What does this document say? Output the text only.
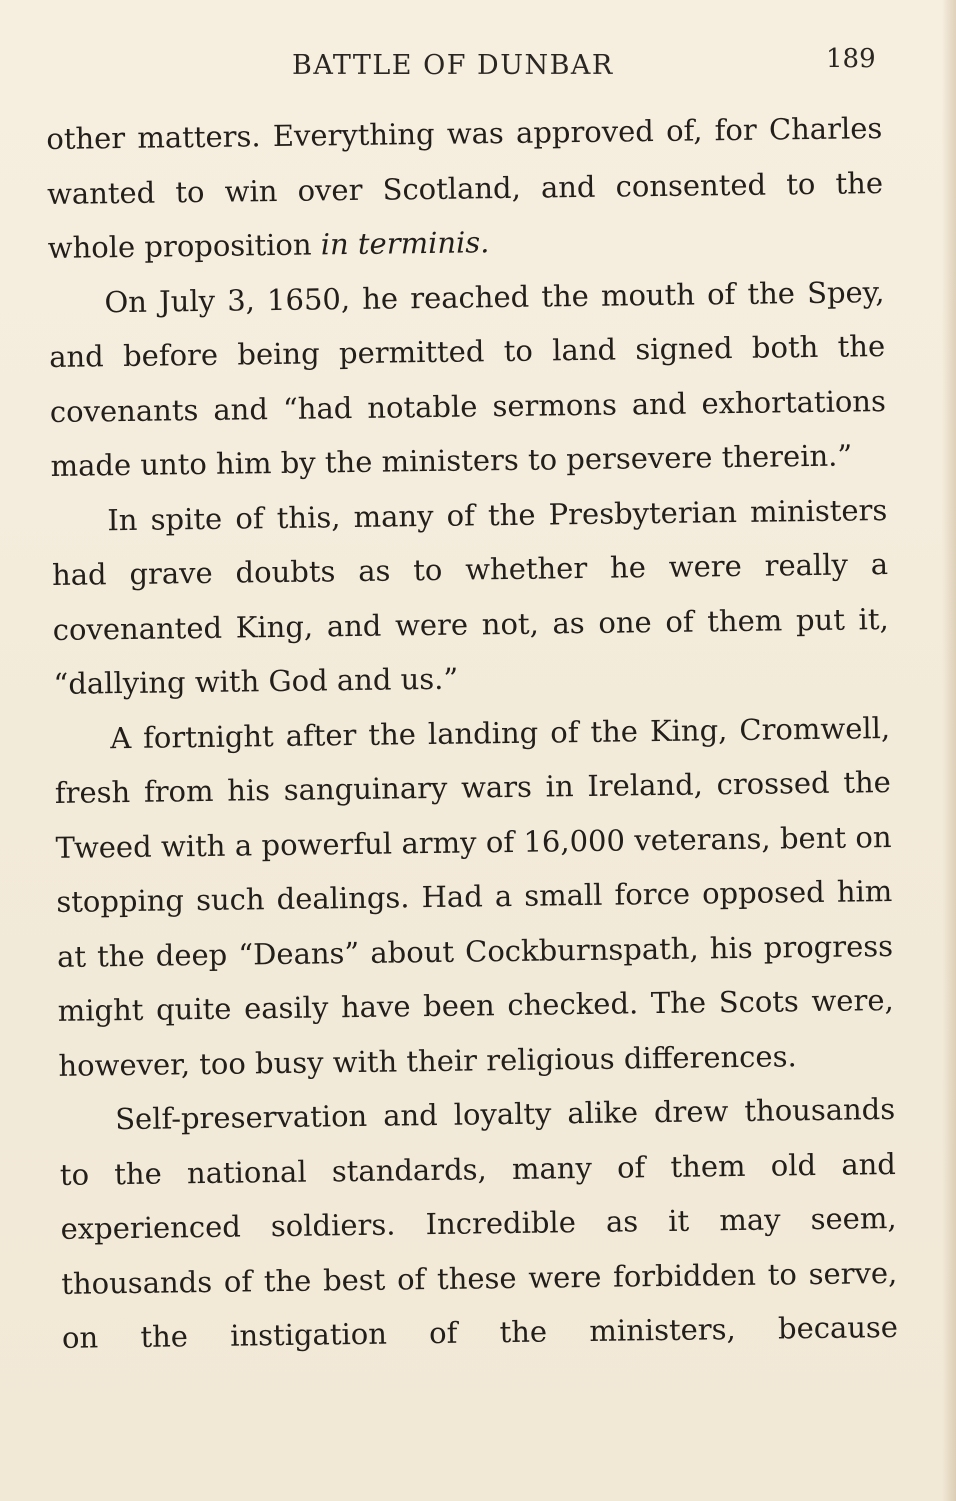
BATTLE OF DUNBAR	189

other matters. Everything was approved of, for Charles wanted to win over Scotland, and consented to the whole proposition in terminis.

On July 3, 1650, he reached the mouth of the Spey, and before being permitted to land signed both the covenants and “had notable sermons and exhortations made unto him by the ministers to persevere therein.”

In spite of this, many of the Presbyterian ministers had grave doubts as to whether he were really a covenanted King, and were not, as one of them put it, “dallying with God and us.”

A fortnight after the landing of the King, Cromwell, fresh from his sanguinary wars in Ireland, crossed the Tweed with a powerful army of 16,000 veterans, bent on stopping such dealings. Had a small force opposed him at the deep “Deans” about Cockburnspath, his progress might quite easily have been checked. The Scots were, however, too busy with their religious differences.

Self-preservation and loyalty alike drew thousands to the national standards, many of them old and experienced soldiers. Incredible as it may seem, thousands of the best of these were forbidden to serve, on the instigation of the ministers, because
